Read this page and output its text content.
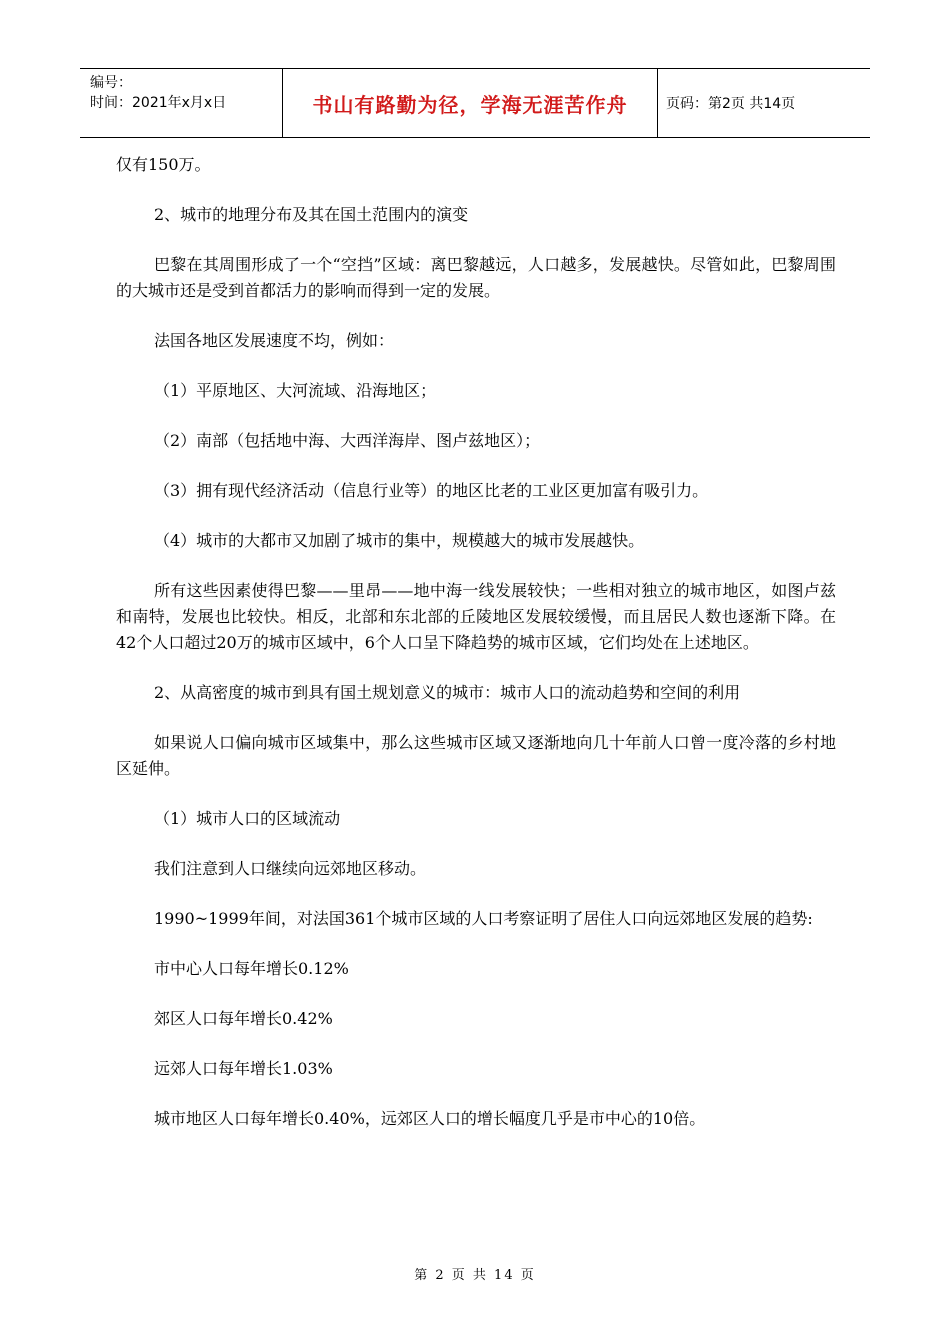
编号：
时间：2021年x月x日	书山有路勤为径，学海无涯苦作舟	页码：第2页 共14页

仅有150万。

2、城市的地理分布及其在国土范围内的演变

巴黎在其周围形成了一个“空挡”区域：离巴黎越远，人口越多，发展越快。尽管如此，巴黎周围的大城市还是受到首都活力的影响而得到一定的发展。

法国各地区发展速度不均，例如：

（1）平原地区、大河流域、沿海地区；

（2）南部（包括地中海、大西洋海岸、图卢兹地区）；

（3）拥有现代经济活动（信息行业等）的地区比老的工业区更加富有吸引力。

（4）城市的大都市又加剧了城市的集中，规模越大的城市发展越快。

所有这些因素使得巴黎——里昂——地中海一线发展较快；一些相对独立的城市地区，如图卢兹和南特，发展也比较快。相反，北部和东北部的丘陵地区发展较缓慢，而且居民人数也逐渐下降。在42个人口超过20万的城市区域中，6个人口呈下降趋势的城市区域，它们均处在上述地区。

2、从高密度的城市到具有国土规划意义的城市：城市人口的流动趋势和空间的利用

如果说人口偏向城市区域集中，那么这些城市区域又逐渐地向几十年前人口曾一度冷落的乡村地区延伸。

（1）城市人口的区域流动

我们注意到人口继续向远郊地区移动。

1990~1999年间，对法国361个城市区域的人口考察证明了居住人口向远郊地区发展的趋势:

市中心人口每年增长0.12%

郊区人口每年增长0.42%

远郊人口每年增长1.03%

城市地区人口每年增长0.40%，远郊区人口的增长幅度几乎是市中心的10倍。

第 2 页 共 14 页
